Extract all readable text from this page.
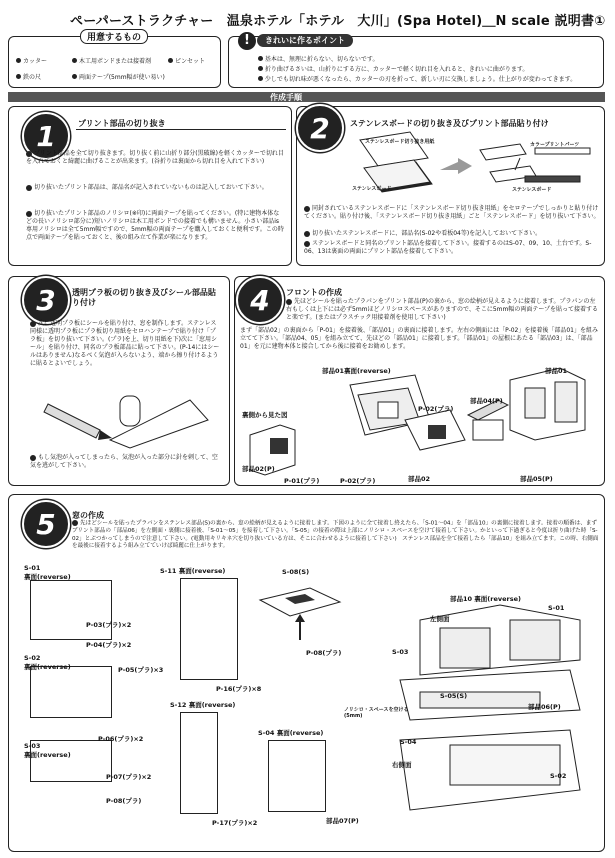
ペーパーストラクチャー　温泉ホテル「ホテル　大川」(Spa Hotel)＿N scale 説明書①
用意するもの
カッター	木工用ボンドまたは接着剤	ピンセット
鉄の尺	両面テープ(5mm幅が使い易い)
!	きれいに作るポイント
基本は、無理に折らない、切らないです。
折り曲げるさいは、山折りにする方に、カッターで軽く切れ目を入れると、きれいに曲がります。
少しでも切れ味が悪くなったら、カッターの刃を折って、新しい刃に交換しましょう。仕上がりが変わってきます。
作成手順
1	プリント部品の切り抜き
プリント部品を全て切り抜きます。切り抜く前に山折り部分(黒破線)を軽くカッターで切れ目を入れておくと綺麗に曲げることが出来ます。(谷折りは裏面から切れ目を入れて下さい)
切り抜いたプリント部品は、部品名が記入されていないものは記入しておいて下さい。
切り抜いたプリント部品のノリシロ(※印)に両面テープを貼ってください。(特に建物本体などの長いノリシロ部分に)短いノリシロは木工用ボンドでの接着でも構いません。小さい部品is専用ノリシロは全て5mm幅ですので、5mm幅の両面テープを購入しておくと便利です。この時点で両面テープを貼っておくと、後の組み立て作業が楽になります。
2	ステンレスボードの切り抜き及びプリント部品貼り付け
ステンレスボード切り抜き用紙
ステンレスボード
カラープリントパーツ
ステンレスボード
同封されているステンレスボードに「ステンレスボード切り抜き用紙」をセロテープでしっかりと貼り付けてください。貼り付け後、「ステンレスボード切り抜き用紙」ごと「ステンレスボード」を切り抜いて下さい。
切り抜いたステンレスボードに、部品名(S-02や看板04等)を記入しておいて下さい。
ステンレスボードと同名のプリント部品を接着して下さい。接着するのはS-07、09、10、土台です。S-06、13は裏面の両面にプリント部品を接着して下さい。
3	透明プラ板の切り抜き及びシール部品貼り付け
次に透明プラ板にシールを貼り付け、窓を制作します。ステンレス同様に透明プラ板にプラ板切り用紙をセロハンテープで貼り付け「プラ板」を切り抜いて下さい。(プラ)を上、切り用紙を下)次に「窓用シール」を貼り付け、同名のプラ板部品に貼って下さい。(P-14にはシールはありません)なるべく気泡が入らないよう、端から擦り付けるように貼るとよいでしょう。
もし気泡が入ってしまったら、気泡が入った部分に針を刺して、空気を逃がして下さい。
4	フロントの作成
先ほどシールを貼ったプラパンをプリント部品(P)の裏から、窓の絵柄が見えるように接着します。プラパンの左右もしくは上下には必ず5mmほどノリシロスペースがありますので、そこに5mm幅の両面テープを貼って接着すると楽です。(またはプラスチック用接着剤を使用して下さい)
まず「部品02」の裏面から「P-01」を接着後、「部品01」の裏面に接着します。左右の側面には「P-02」を接着後「部品01」を組み立てて下さい。「部品04、05」を組み立てて、先ほどの「部品01」に接着します。「部品01」の屋根にあたる「部品03」は、「部品01」を元に建物本体と接合してから後に接着をお勧めします。
部品01裏面(reverse)	部品01
裏側から見た図
P-02(プラ)
部品04(P)
部品02(P)
P-01(プラ)	P-02(プラ)	部品02	部品05(P)
5	窓の作成
先ほどシールを貼ったプラパンをステンレス部品(S)の裏から、窓の絵柄が見えるように接着します。下図のように全て接着し終えたら、「S-01〜04」を「部品10」の裏側に接着します。接着の順番は、まずプリント部品の「部品06」を左側面・裏側に接着後、「S-01〜05」を接着して下さい。「S-05」の接着の際は上部にノリシロ・スペースを空けて接着して下さい。かといって下過ぎると今度は折り曲げた時「S-02」とぶつかってしまうので注意して下さい。(電動用キリキネ穴を切り抜いている方は、そこに合わせるように接着して下さい)　ステンレス部品を全て接着したら「部品10」を組み立てます。この時、右側面を最後に接着するよう組み立てていけば綺麗に仕上がります。
S-01
裏面(reverse)
P-03(プラ)×2
P-04(プラ)×2
S-02
裏面(reverse)	P-05(プラ)×3
P-06(プラ)×2
S-03
裏面(reverse)
P-07(プラ)×2
P-08(プラ)
S-11 裏面(reverse)
P-16(プラ)×8
S-12 裏面(reverse)
P-17(プラ)×2
S-08(S)
P-08(プラ)
S-04 裏面(reverse)
部品07(P)
部品10 裏面(reverse)
左側面
S-01
S-03
S-05(S)
部品06(P)
ノリシロ・スペースを空ける(5mm)
S-04
右側面
S-02
